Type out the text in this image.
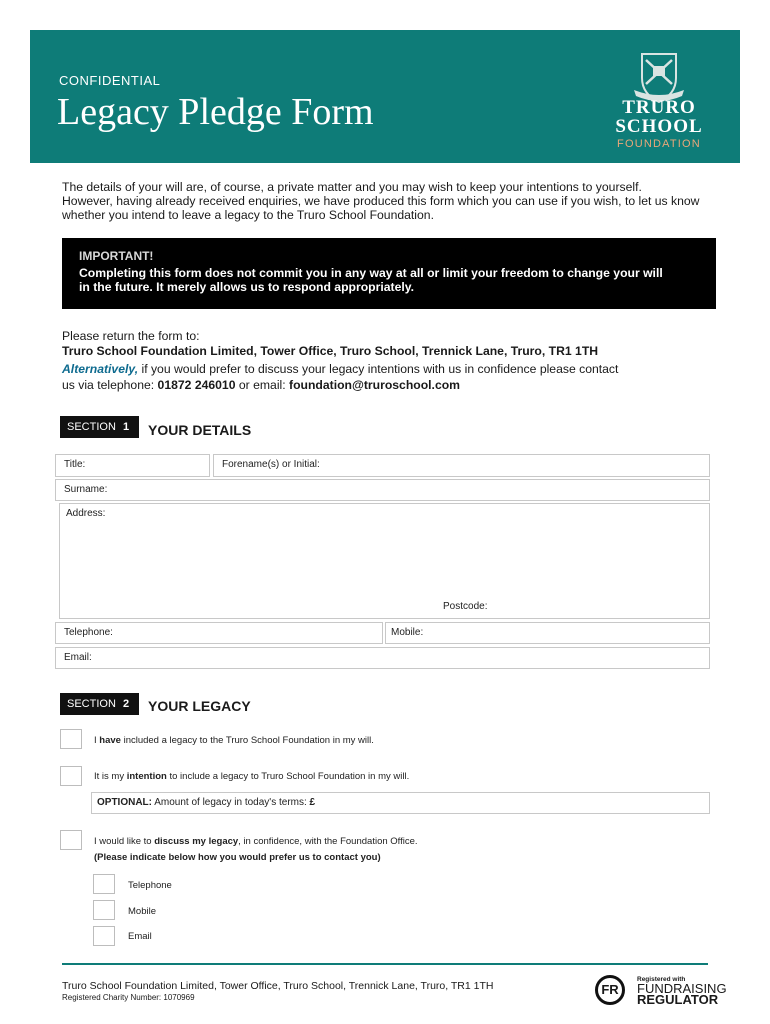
CONFIDENTIAL
Legacy Pledge Form	TRURO
SCHOOL
FOUNDATION
The details of your will are, of course, a private matter and you may wish to keep your intentions to yourself.
However, having already received enquiries, we have produced this form which you can use if you wish, to let us know
whether you intend to leave a legacy to the Truro School Foundation.
IMPORTANT!
Completing this form does not commit you in any way at all or limit your freedom to change your will
in the future. It merely allows us to respond appropriately.
Please return the form to:
Truro School Foundation Limited, Tower Office, Truro School, Trennick Lane, Truro, TR1 1TH
Alternatively, if you would prefer to discuss your legacy intentions with us in confidence please contact
us via telephone: 01872 246010 or email: foundation@truroschool.com
SECTION 1 YOUR DETAILS
Title:	Forename(s) or Initial:
Surname:
Address:
Postcode:
Telephone:	Mobile:
Email:
SECTION 2 YOUR LEGACY
I have included a legacy to the Truro School Foundation in my will.
It is my intention to include a legacy to Truro School Foundation in my will.
OPTIONAL: Amount of legacy in today's terms: £
I would like to discuss my legacy, in confidence, with the Foundation Office.
(Please indicate below how you would prefer us to contact you)
Telephone
Mobile
Email
Truro School Foundation Limited, Tower Office, Truro School, Trennick Lane, Truro, TR1 1TH
Registered Charity Number: 1070969
FR
Registered with
FUNDRAISING
REGULATOR
